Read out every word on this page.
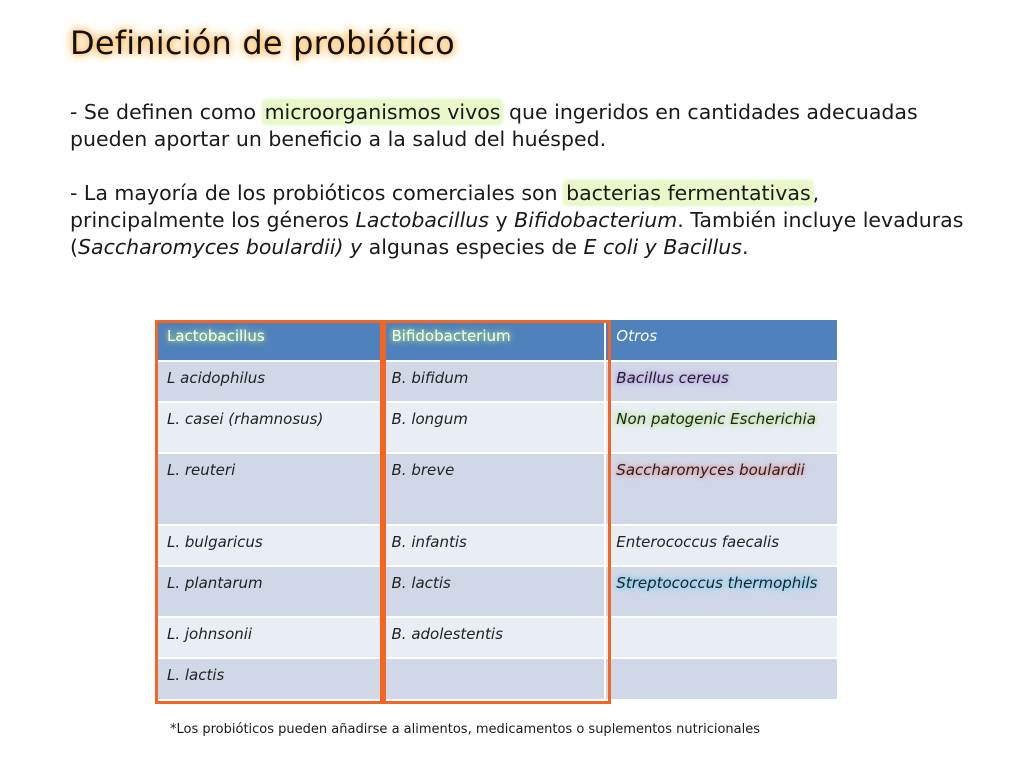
Definición de probiótico
- Se definen como microorganismos vivos que ingeridos en cantidades adecuadas pueden aportar un beneficio a la salud del huésped.
- La mayoría de los probióticos comerciales son bacterias fermentativas, principalmente los géneros Lactobacillus y Bifidobacterium. También incluye levaduras (Saccharomyces boulardii) y algunas especies de E coli y Bacillus.
Lactobacillus	Bifidobacterium	Otros
L acidophilus	B. bifidum	Bacillus cereus
L. casei (rhamnosus)	B. longum	Non patogenic Escherichia
L. reuteri	B. breve	Saccharomyces boulardii
L. bulgaricus	B. infantis	Enterococcus faecalis
L. plantarum	B. lactis	Streptococcus thermophils
L. johnsonii	B. adolestentis	
L. lactis		
*Los probióticos pueden añadirse a alimentos, medicamentos o suplementos nutricionales
